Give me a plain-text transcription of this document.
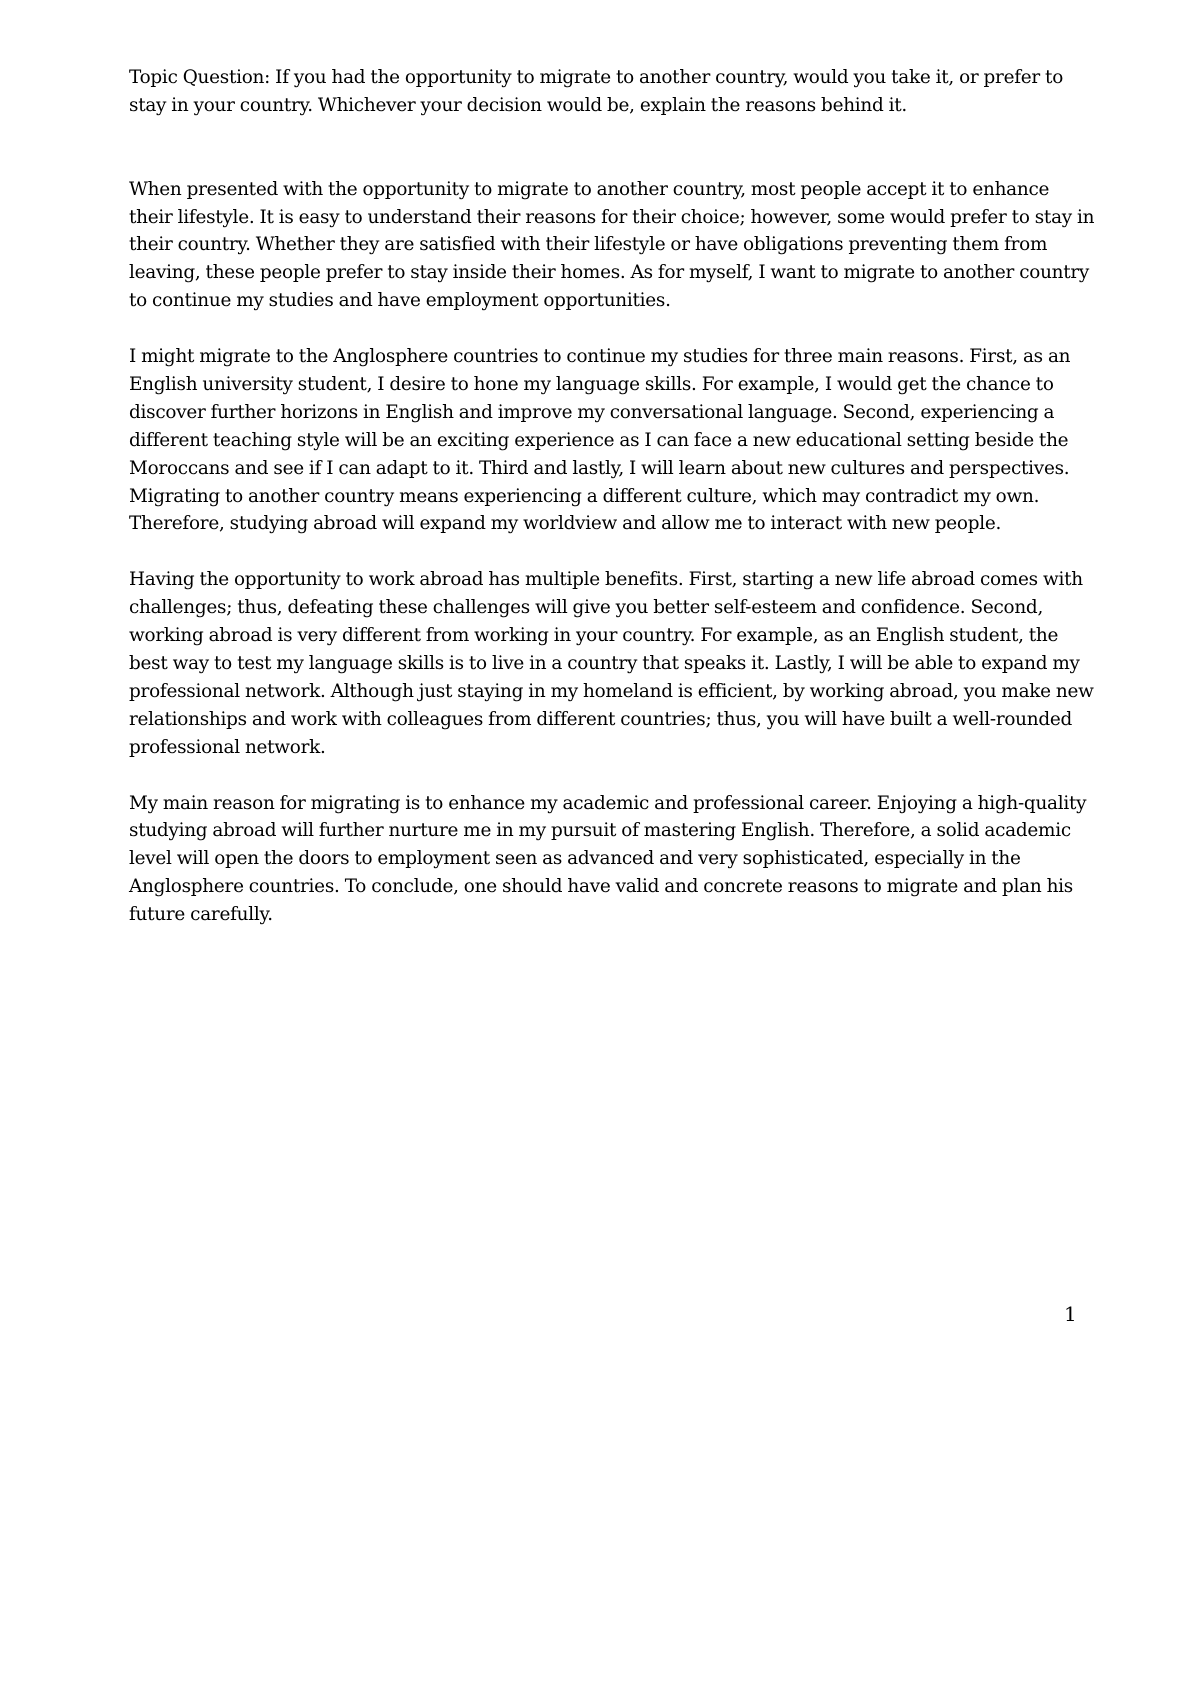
Topic Question: If you had the opportunity to migrate to another country, would you take it, or prefer to stay in your country. Whichever your decision would be, explain the reasons behind it.

When presented with the opportunity to migrate to another country, most people accept it to enhance their lifestyle. It is easy to understand their reasons for their choice; however, some would prefer to stay in their country. Whether they are satisfied with their lifestyle or have obligations preventing them from leaving, these people prefer to stay inside their homes. As for myself, I want to migrate to another country to continue my studies and have employment opportunities.

I might migrate to the Anglosphere countries to continue my studies for three main reasons. First, as an English university student, I desire to hone my language skills. For example, I would get the chance to discover further horizons in English and improve my conversational language. Second, experiencing a different teaching style will be an exciting experience as I can face a new educational setting beside the Moroccans and see if I can adapt to it. Third and lastly, I will learn about new cultures and perspectives. Migrating to another country means experiencing a different culture, which may contradict my own. Therefore, studying abroad will expand my worldview and allow me to interact with new people.

Having the opportunity to work abroad has multiple benefits. First, starting a new life abroad comes with challenges; thus, defeating these challenges will give you better self-esteem and confidence. Second, working abroad is very different from working in your country. For example, as an English student, the best way to test my language skills is to live in a country that speaks it. Lastly, I will be able to expand my professional network. Although just staying in my homeland is efficient, by working abroad, you make new relationships and work with colleagues from different countries; thus, you will have built a well-rounded professional network.

My main reason for migrating is to enhance my academic and professional career. Enjoying a high-quality studying abroad will further nurture me in my pursuit of mastering English. Therefore, a solid academic level will open the doors to employment seen as advanced and very sophisticated, especially in the Anglosphere countries. To conclude, one should have valid and concrete reasons to migrate and plan his future carefully.

1
